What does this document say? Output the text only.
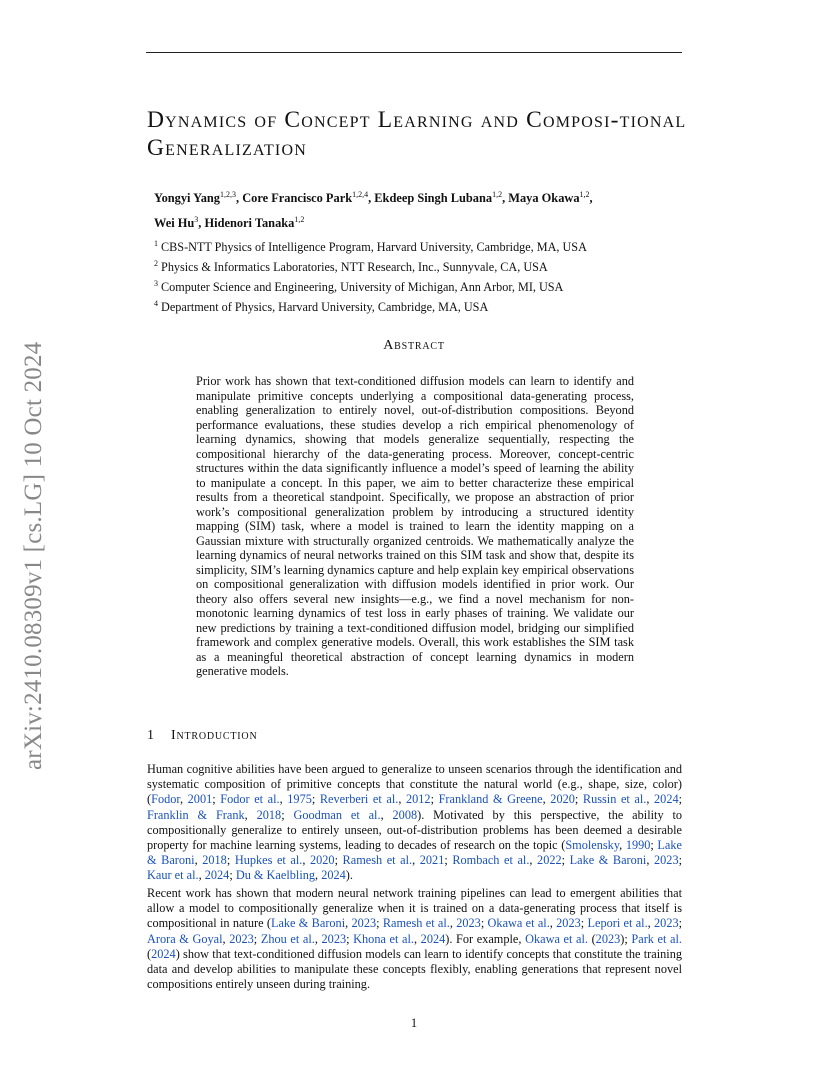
arXiv:2410.08309v1 [cs.LG] 10 Oct 2024
Dynamics of Concept Learning and Composi-tional Generalization
Yongyi Yang$^{1,2,3}$, Core Francisco Park$^{1,2,4}$, Ekdeep Singh Lubana$^{1,2}$, Maya Okawa$^{1,2}$,
Wei Hu$^3$, Hidenori Tanaka$^{1,2}$
$^1$ CBS-NTT Physics of Intelligence Program, Harvard University, Cambridge, MA, USA
$^2$ Physics & Informatics Laboratories, NTT Research, Inc., Sunnyvale, CA, USA
$^3$ Computer Science and Engineering, University of Michigan, Ann Arbor, MI, USA
$^4$ Department of Physics, Harvard University, Cambridge, MA, USA
Abstract
Prior work has shown that text-conditioned diffusion models can learn to identify and manipulate primitive concepts underlying a compositional data-generating process, enabling generalization to entirely novel, out-of-distribution compositions. Beyond performance evaluations, these studies develop a rich empirical phenomenology of learning dynamics, showing that models generalize sequentially, respecting the compositional hierarchy of the data-generating process. Moreover, concept-centric structures within the data significantly influence a model’s speed of learning the ability to manipulate a concept. In this paper, we aim to better characterize these empirical results from a theoretical standpoint. Specifically, we propose an abstraction of prior work’s compositional generalization problem by introducing a structured identity mapping (SIM) task, where a model is trained to learn the identity mapping on a Gaussian mixture with structurally organized centroids. We mathematically analyze the learning dynamics of neural networks trained on this SIM task and show that, despite its simplicity, SIM’s learning dynamics capture and help explain key empirical observations on compositional generalization with diffusion models identified in prior work. Our theory also offers several new insights—e.g., we find a novel mechanism for non-monotonic learning dynamics of test loss in early phases of training. We validate our new predictions by training a text-conditioned diffusion model, bridging our simplified framework and complex generative models. Overall, this work establishes the SIM task as a meaningful theoretical abstraction of concept learning dynamics in modern generative models.
1 Introduction
Human cognitive abilities have been argued to generalize to unseen scenarios through the identification and systematic composition of primitive concepts that constitute the natural world (e.g., shape, size, color) (Fodor, 2001; Fodor et al., 1975; Reverberi et al., 2012; Frankland & Greene, 2020; Russin et al., 2024; Franklin & Frank, 2018; Goodman et al., 2008). Motivated by this perspective, the ability to compositionally generalize to entirely unseen, out-of-distribution problems has been deemed a desirable property for machine learning systems, leading to decades of research on the topic (Smolensky, 1990; Lake & Baroni, 2018; Hupkes et al., 2020; Ramesh et al., 2021; Rombach et al., 2022; Lake & Baroni, 2023; Kaur et al., 2024; Du & Kaelbling, 2024).
Recent work has shown that modern neural network training pipelines can lead to emergent abilities that allow a model to compositionally generalize when it is trained on a data-generating process that itself is compositional in nature (Lake & Baroni, 2023; Ramesh et al., 2023; Okawa et al., 2023; Lepori et al., 2023; Arora & Goyal, 2023; Zhou et al., 2023; Khona et al., 2024). For example, Okawa et al. (2023); Park et al. (2024) show that text-conditioned diffusion models can learn to identify concepts that constitute the training data and develop abilities to manipulate these concepts flexibly, enabling generations that represent novel compositions entirely unseen during training.
1
